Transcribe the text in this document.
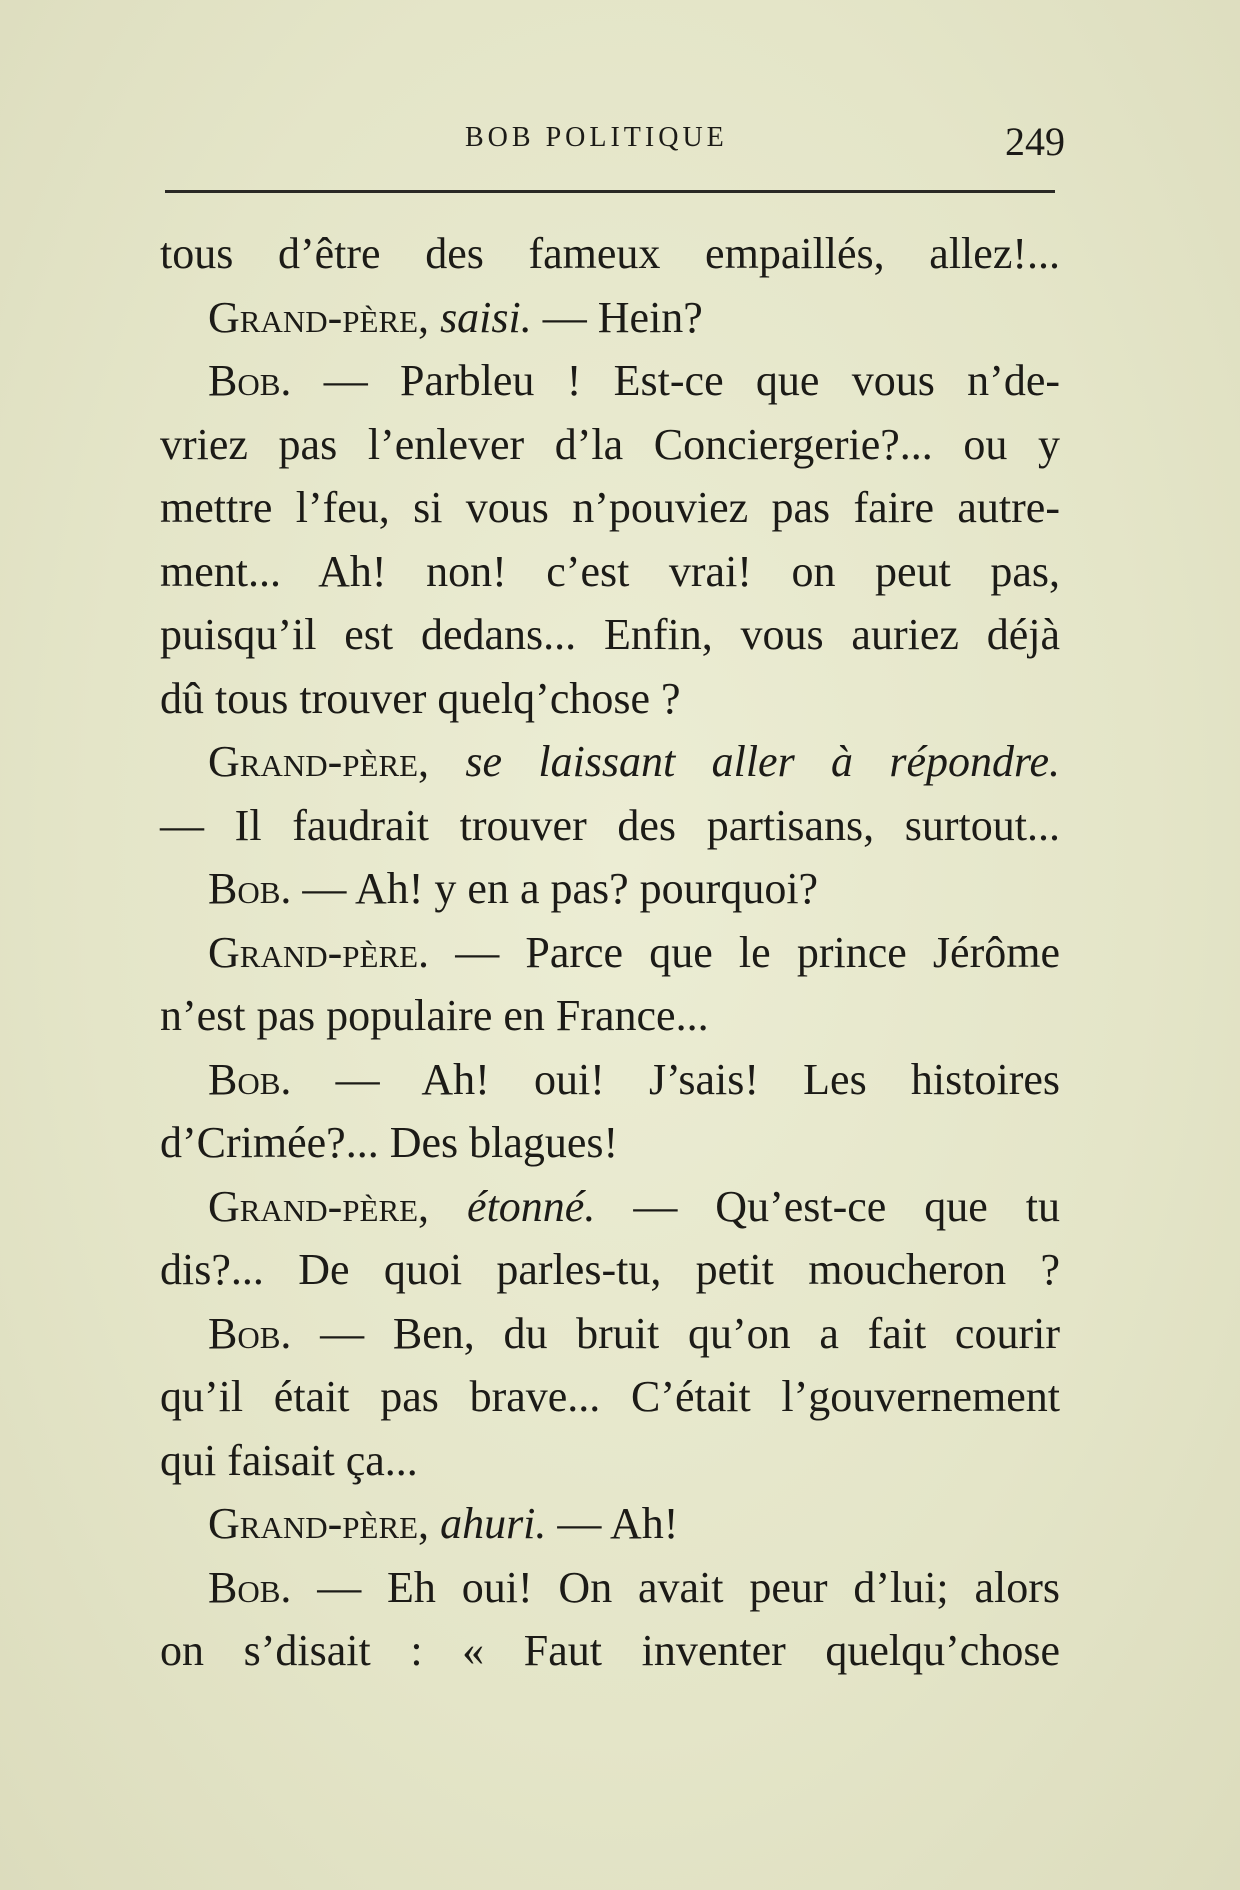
BOB POLITIQUE	249
tous d’être des fameux empaillés, allez!...
Grand-père, saisi. — Hein?
Bob. — Parbleu ! Est-ce que vous n’de-
vriez pas l’enlever d’la Conciergerie?... ou y
mettre l’feu, si vous n’pouviez pas faire autre-
ment... Ah! non! c’est vrai! on peut pas,
puisqu’il est dedans... Enfin, vous auriez déjà
dû tous trouver quelq’chose ?
Grand-père, se laissant aller à répondre.
— Il faudrait trouver des partisans, surtout...
Bob. — Ah! y en a pas? pourquoi?
Grand-père. — Parce que le prince Jérôme
n’est pas populaire en France...
Bob. — Ah! oui! J’sais! Les histoires
d’Crimée?... Des blagues!
Grand-père, étonné. — Qu’est-ce que tu
dis?... De quoi parles-tu, petit moucheron ?
Bob. — Ben, du bruit qu’on a fait courir
qu’il était pas brave... C’était l’gouvernement
qui faisait ça...
Grand-père, ahuri. — Ah!
Bob. — Eh oui! On avait peur d’lui; alors
on s’disait : « Faut inventer quelqu’chose
